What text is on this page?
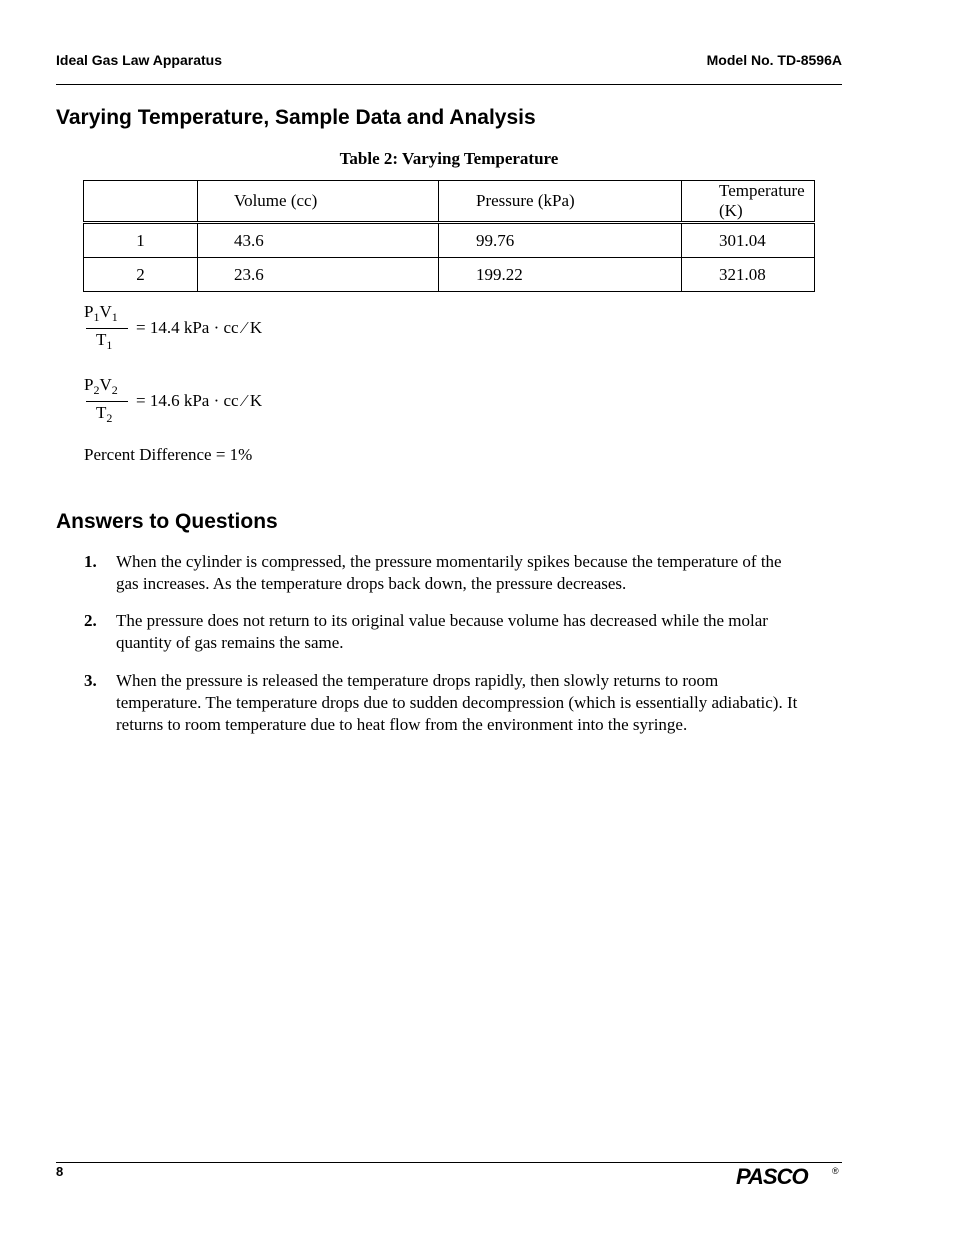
Ideal Gas Law Apparatus	Model No. TD-8596A
Varying Temperature, Sample Data and Analysis
Table 2: Varying Temperature
	Volume (cc)	Pressure (kPa)	Temperature (K)
1	43.6	99.76	301.04
2	23.6	199.22	321.08
$P_1V_1$
$T_1$
= 14.4 kPa · cc ⁄ K
$P_2V_2$
$T_2$
= 14.6 kPa · cc ⁄ K
Percent Difference = 1%
Answers to Questions
1. When the cylinder is compressed, the pressure momentarily spikes because the temperature of the gas increases. As the temperature drops back down, the pressure decreases.
2. The pressure does not return to its original value because volume has decreased while the molar quantity of gas remains the same.
3. When the pressure is released the temperature drops rapidly, then slowly returns to room temperature. The temperature drops due to sudden decompression (which is essentially adiabatic). It returns to room temperature due to heat flow from the environment into the syringe.
8	PASCO	®
